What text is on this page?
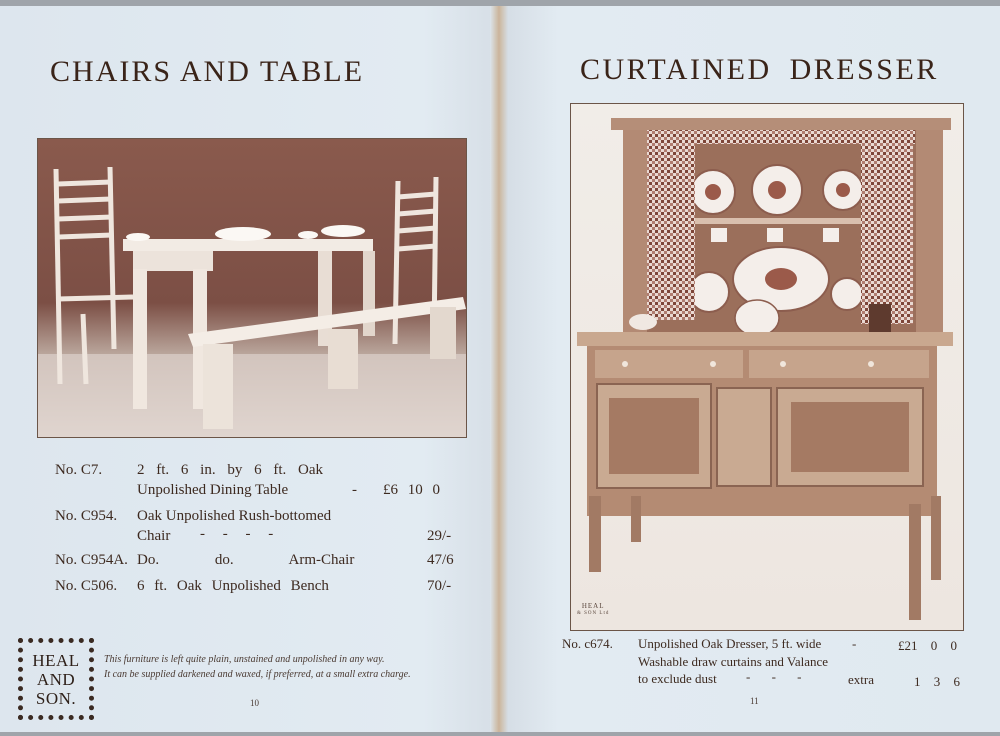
CHAIRS AND TABLE
No. C7. 2 ft. 6 in. by 6 ft. Oak
Unpolished Dining Table	- £6 10 0
No. C954. Oak Unpolished Rush-bottomed
Chair - - - -	29/-
No. C954A. Do. do. Arm-Chair	47/6
No. C506. 6 ft. Oak Unpolished Bench	70/-
HEAL
AND
SON.
This furniture is left quite plain, unstained and unpolished in any way.
It can be supplied darkened and waxed, if preferred, at a small extra charge.
10
CURTAINED DRESSER
HEAL
& SON Ltd
No. c674. Unpolished Oak Dresser, 5 ft. wide -	£21 0 0
Washable draw curtains and Valance
to exclude dust - - -	extra	1 3 6
11
